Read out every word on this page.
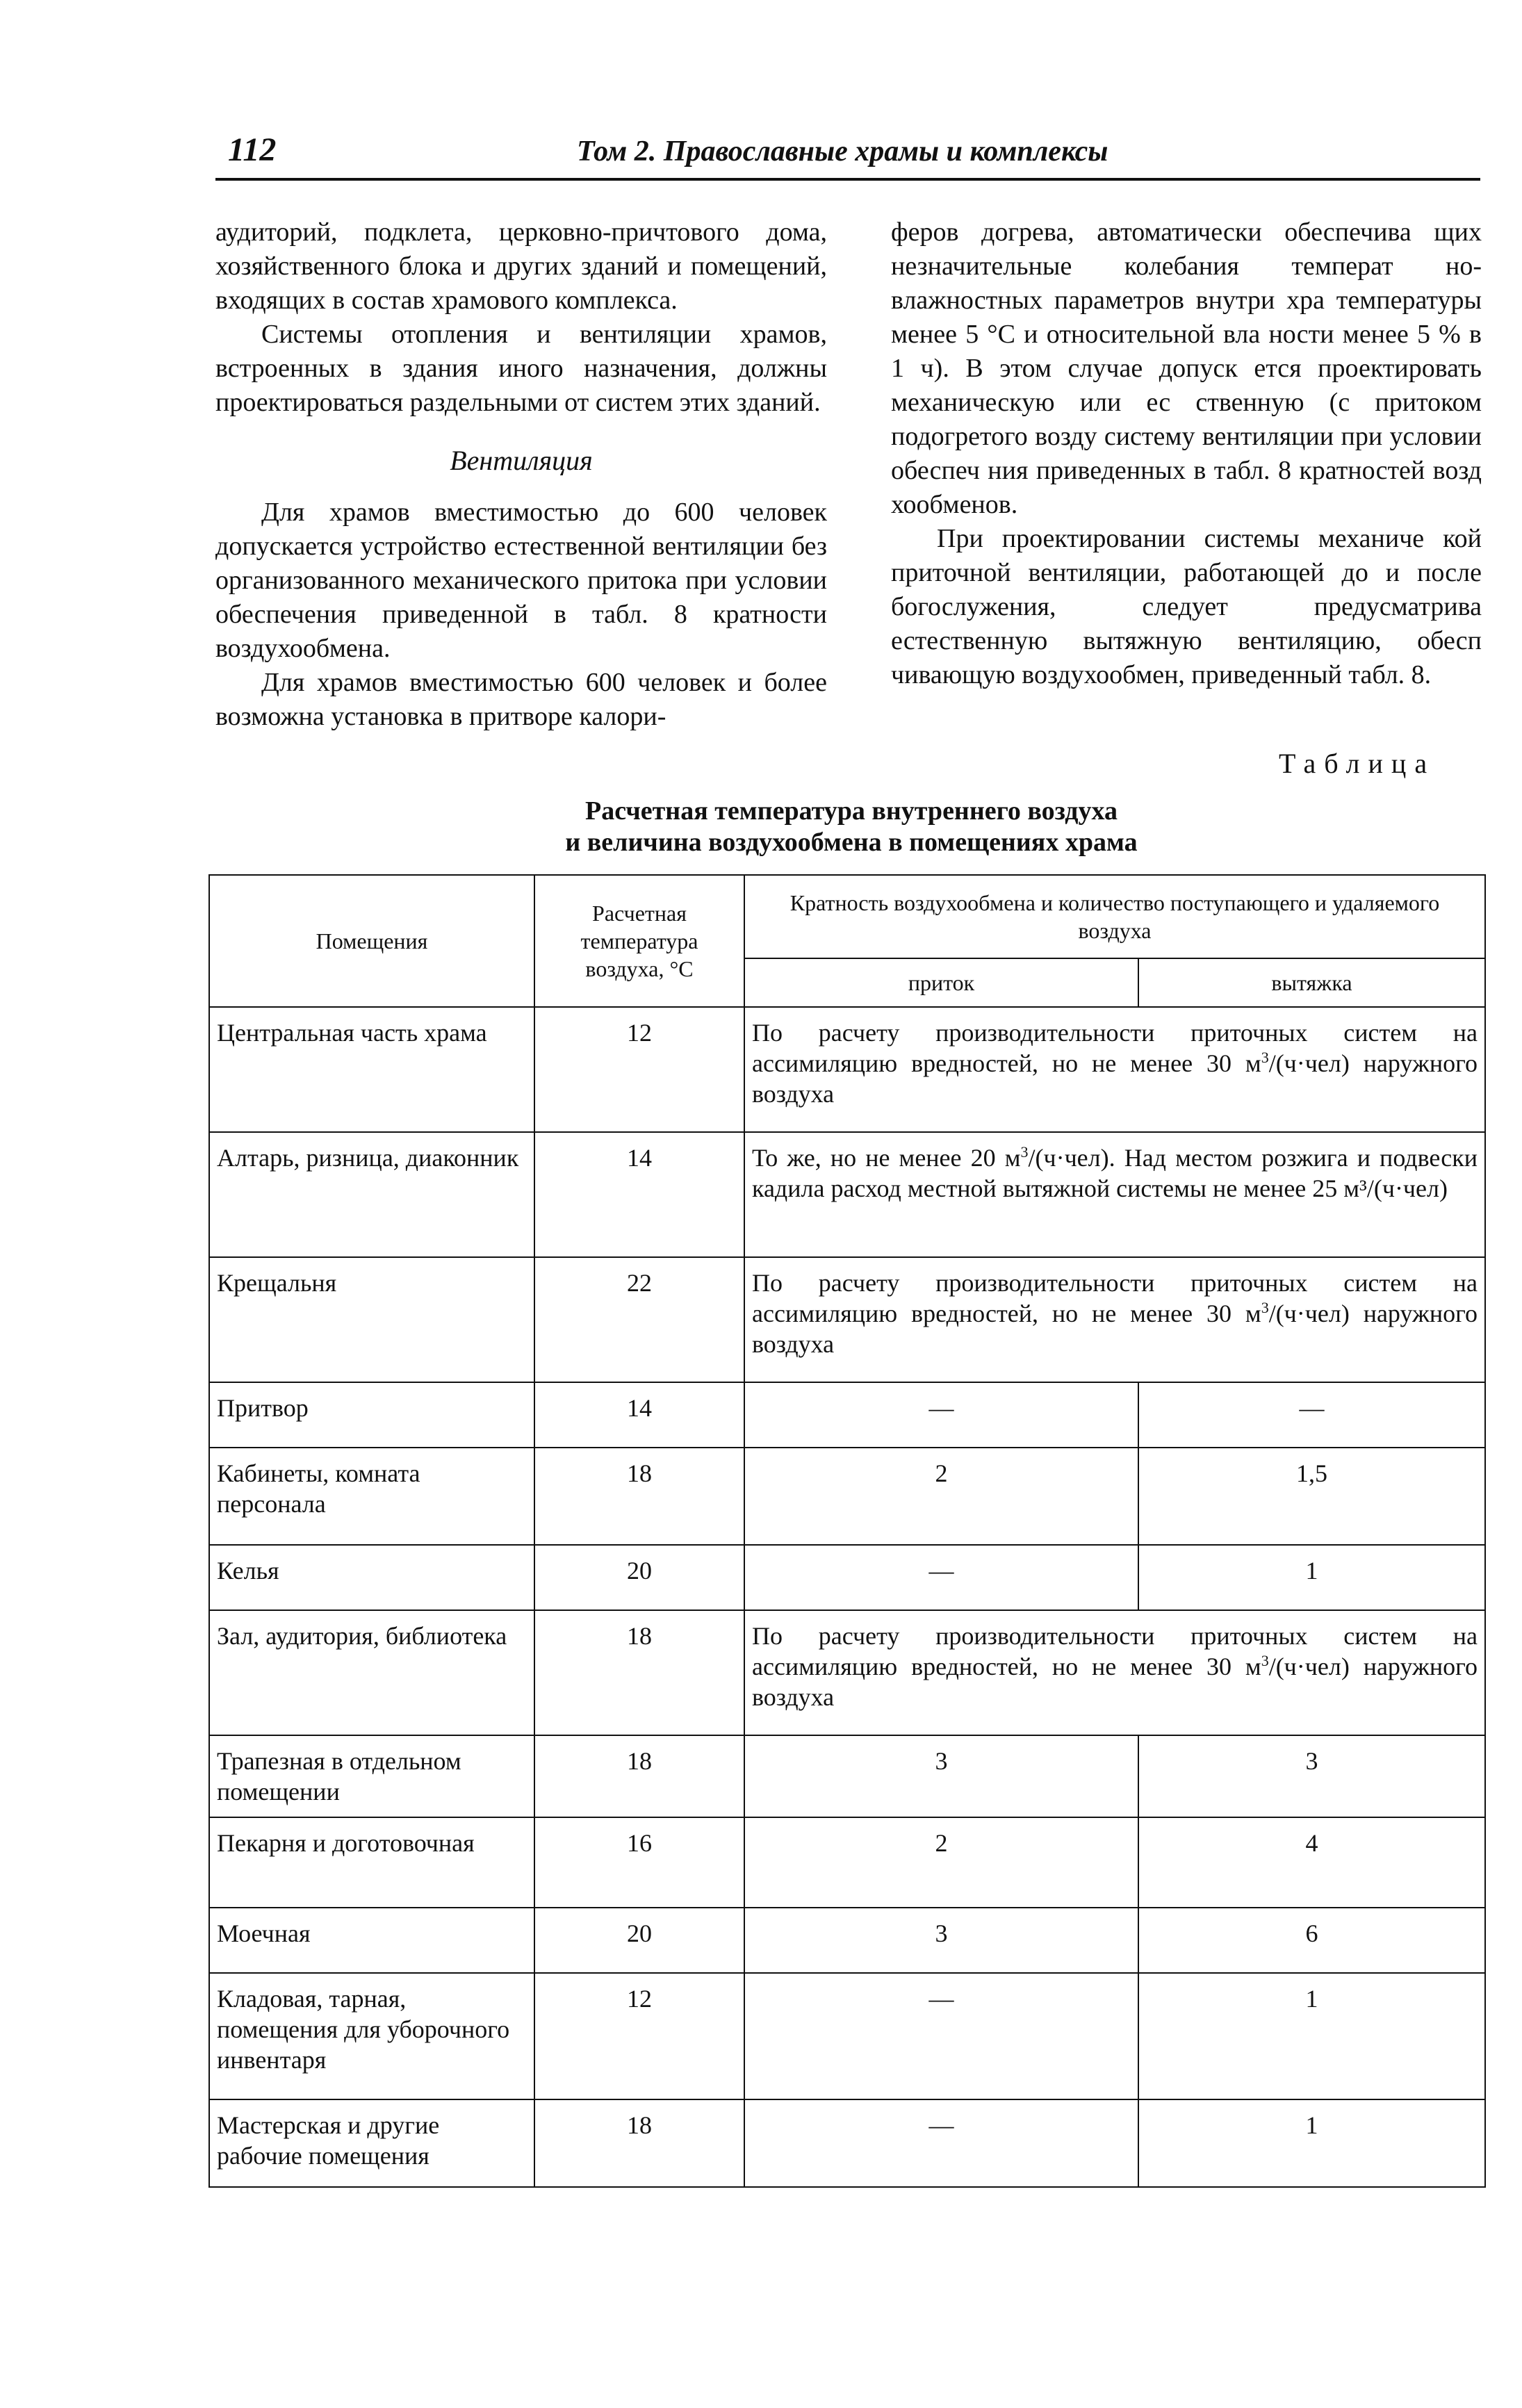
112	Том 2. Православные храмы и комплексы

аудиторий, подклета, церковно-причтового дома, хозяйственного блока и других зданий и помещений, входящих в состав храмового комплекса.

Системы отопления и вентиляции храмов, встроенных в здания иного назначения, должны проектироваться раздельными от систем этих зданий.

Вентиляция

Для храмов вместимостью до 600 человек допускается устройство естественной вентиляции без организованного механического притока при условии обеспечения приведенной в табл. 8 кратности воздухообмена.

Для храмов вместимостью 600 человек и более возможна установка в притворе калори-

феров догрева, автоматически обеспечива щих незначительные колебания температ но-влажностных параметров внутри хра температуры менее 5 °С и относительной вла ности менее 5 % в 1 ч). В этом случае допуск ется проектировать механическую или ес ственную (с притоком подогретого возду систему вентиляции при условии обеспеч ния приведенных в табл. 8 кратностей возд хообменов.

При проектировании системы механиче кой приточной вентиляции, работающей до и после богослужения, следует предусматрива естественную вытяжную вентиляцию, обесп чивающую воздухообмен, приведенный табл. 8.

Таблица
Расчетная температура внутреннего воздуха
и величина воздухообмена в помещениях храма
Помещения	Расчетная температура воздуха, °С	Кратность воздухообмена и количество поступающего и удаляемого воздуха	
		приток	вытяжка
Центральная часть храма	12	По расчету производительности приточных систем на ассимиляцию вредностей, но не менее 30 $м^3/(ч\cdot чел)$ наружного воздуха	
Алтарь, ризница, диаконник	14	То же, но не менее 20 $м^3/(ч\cdot чел)$. Над местом розжига и подвески кадила расход местной вытяжной системы не менее 25 м³/(ч·чел)	
Крещальня	22	По расчету производительности приточных систем на ассимиляцию вредностей, но не менее 30 $м^3/(ч\cdot чел)$ наружного воздуха	
Притвор	14	—	—
Кабинеты, комната персонала	18	2	1,5
Келья	20	—	1
Зал, аудитория, библиотека	18	По расчету производительности приточных систем на ассимиляцию вредностей, но не менее 30 $м^3/(ч\cdot чел)$ наружного воздуха	
Трапезная в отдельном помещении	18	3	3
Пекарня и доготовочная	16	2	4
Моечная	20	3	6
Кладовая, тарная, помещения для уборочного инвентаря	12	—	1
Мастерская и другие рабочие помещения	18	—	1
